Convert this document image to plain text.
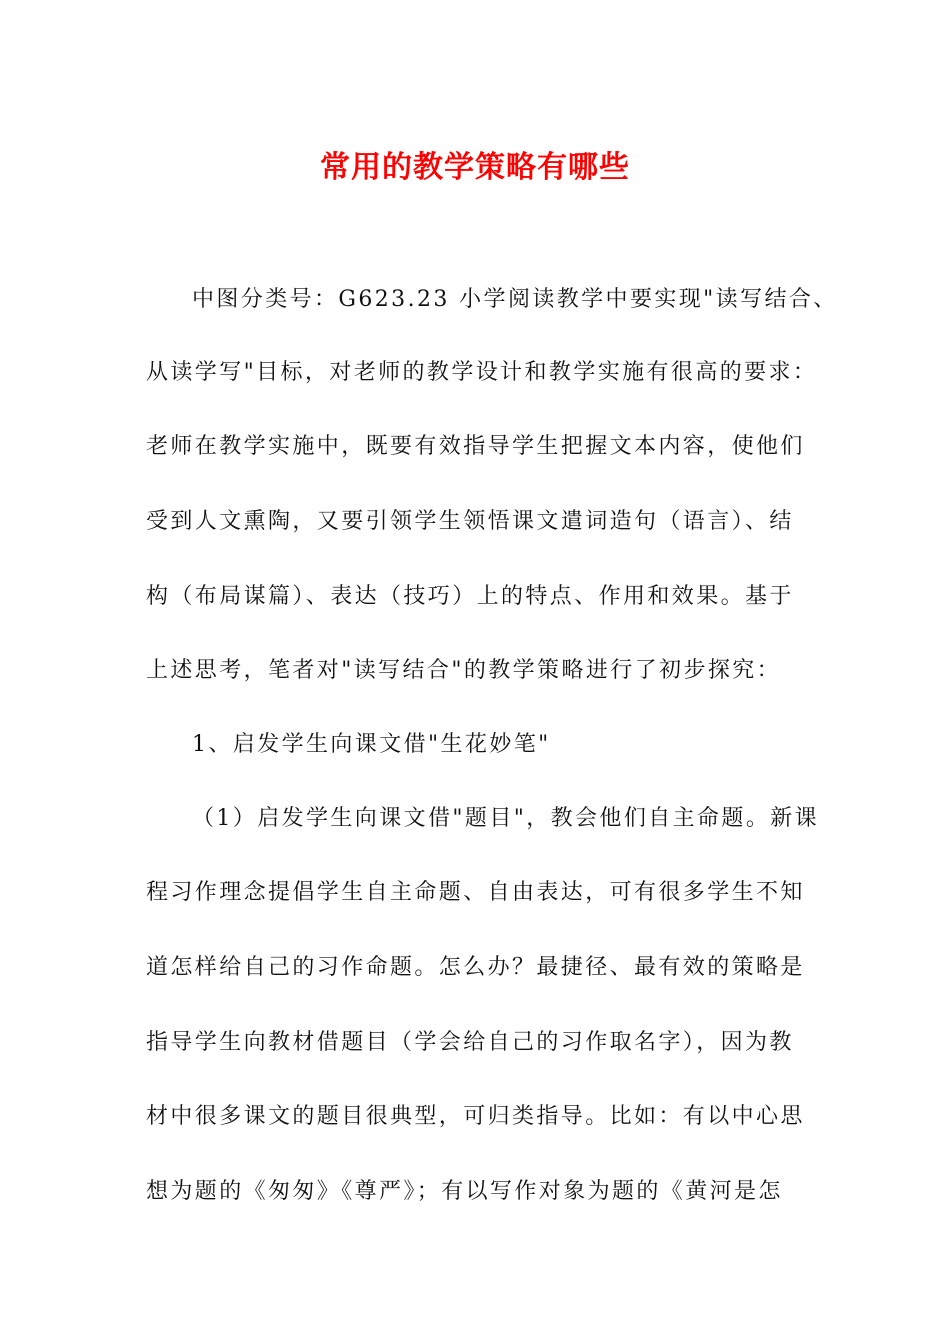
常用的教学策略有哪些
中图分类号：G623.23 小学阅读教学中要实现"读写结合、
从读学写"目标，对老师的教学设计和教学实施有很高的要求：
老师在教学实施中，既要有效指导学生把握文本内容，使他们
受到人文熏陶，又要引领学生领悟课文遣词造句（语言）、结
构（布局谋篇）、表达（技巧）上的特点、作用和效果。基于
上述思考，笔者对"读写结合"的教学策略进行了初步探究：
1、启发学生向课文借"生花妙笔"
（1）启发学生向课文借"题目"，教会他们自主命题。新课
程习作理念提倡学生自主命题、自由表达，可有很多学生不知
道怎样给自己的习作命题。怎么办？最捷径、最有效的策略是
指导学生向教材借题目（学会给自己的习作取名字），因为教
材中很多课文的题目很典型，可归类指导。比如：有以中心思
想为题的《匆匆》《尊严》；有以写作对象为题的《黄河是怎
